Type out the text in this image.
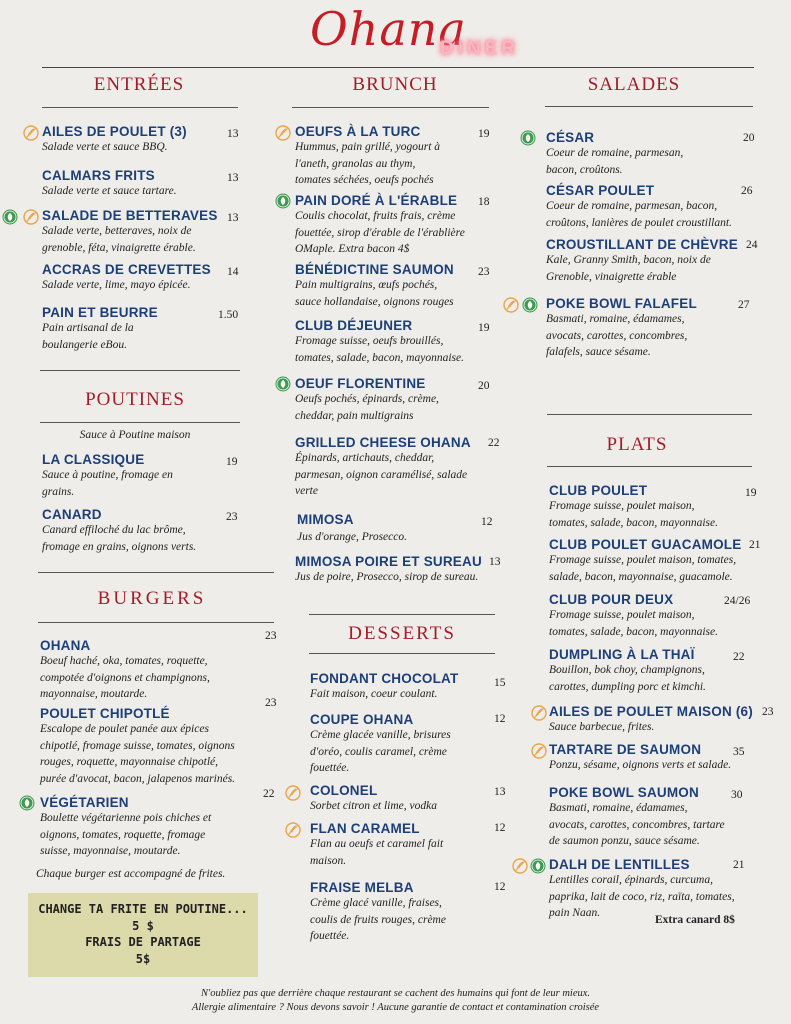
Ohana
DINER
ENTRÉES	BRUNCH	SALADES
POUTINES
BURGERS
DESSERTS
PLATS
AILES DE POULET (3)
Salade verte et sauce BBQ.
13
CALMARS FRITS
Salade verte et sauce tartare.
13
SALADE DE BETTERAVES
Salade verte, betteraves, noix de
grenoble, féta, vinaigrette érable.
13
ACCRAS DE CREVETTES
Salade verte, lime, mayo épicée.
14
PAIN ET BEURRE
Pain artisanal de la
boulangerie eBou.
1.50
Sauce à Poutine maison
LA CLASSIQUE
Sauce à poutine, fromage en
grains.
19
CANARD
Canard effiloché du lac brôme,
fromage en grains, oignons verts.
23
OHANA
Boeuf haché, oka, tomates, roquette,
compotée d'oignons et champignons,
mayonnaise, moutarde.
23
POULET CHIPOTLÉ
Escalope de poulet panée aux épices
chipotlé, fromage suisse, tomates, oignons
rouges, roquette, mayonnaise chipotlé,
purée d'avocat, bacon, jalapenos marinés.
23
VÉGÉTARIEN
Boulette végétarienne pois chiches et
oignons, tomates, roquette, fromage
suisse, mayonnaise, moutarde.
22
Chaque burger est accompagné de frites.
CHANGE TA FRITE EN POUTINE...
5 $
FRAIS DE PARTAGE
5$
OEUFS À LA TURC
Hummus, pain grillé, yogourt à
l'aneth, granolas au thym,
tomates séchées, oeufs pochés
19
PAIN DORÉ À L'ÉRABLE
Coulis chocolat, fruits frais, crème
fouettée, sirop d'érable de l'érablière
OMaple. Extra bacon 4$
18
BÉNÉDICTINE SAUMON
Pain multigrains, œufs pochés,
sauce hollandaise, oignons rouges
23
CLUB DÉJEUNER
Fromage suisse, oeufs brouillés,
tomates, salade, bacon, mayonnaise.
19
OEUF FLORENTINE
Oeufs pochés, épinards, crème,
cheddar, pain multigrains
20
GRILLED CHEESE OHANA
Épinards, artichauts, cheddar,
parmesan, oignon caramélisé, salade
verte
22
MIMOSA
Jus d'orange, Prosecco.
12
MIMOSA POIRE ET SUREAU
Jus de poire, Prosecco, sirop de sureau.
13
FONDANT CHOCOLAT
Fait maison, coeur coulant.
15
COUPE OHANA
Crème glacée vanille, brisures
d'oréo, coulis caramel, crème
fouettée.
12
COLONEL
Sorbet citron et lime, vodka
13
FLAN CARAMEL
Flan au oeufs et caramel fait
maison.
12
FRAISE MELBA
Crème glacé vanille, fraises,
coulis de fruits rouges, crème
fouettée.
12
CÉSAR
Coeur de romaine, parmesan,
bacon, croûtons.
20
CÉSAR POULET
Coeur de romaine, parmesan, bacon,
croûtons, lanières de poulet croustillant.
26
CROUSTILLANT DE CHÈVRE
Kale, Granny Smith, bacon, noix de
Grenoble, vinaigrette érable
24
POKE BOWL FALAFEL
Basmati, romaine, édamames,
avocats, carottes, concombres,
falafels, sauce sésame.
27
CLUB POULET
Fromage suisse, poulet maison,
tomates, salade, bacon, mayonnaise.
19
CLUB POULET GUACAMOLE
Fromage suisse, poulet maison, tomates,
salade, bacon, mayonnaise, guacamole.
21
CLUB POUR DEUX
Fromage suisse, poulet maison,
tomates, salade, bacon, mayonnaise.
24/26
DUMPLING À LA THAÏ
Bouillon, bok choy, champignons,
carottes, dumpling porc et kimchi.
22
AILES DE POULET MAISON (6)
Sauce barbecue, frites.
23
TARTARE DE SAUMON
Ponzu, sésame, oignons verts et salade.
35
POKE BOWL SAUMON
Basmati, romaine, édamames,
avocats, carottes, concombres, tartare
de saumon ponzu, sauce sésame.
30
DALH DE LENTILLES
Lentilles corail, épinards, curcuma,
paprika, lait de coco, riz, raïta, tomates,
pain Naan.
21
Extra canard 8$
N'oubliez pas que derrière chaque restaurant se cachent des humains qui font de leur mieux.
Allergie alimentaire ? Nous devons savoir ! Aucune garantie de contact et contamination croisée
